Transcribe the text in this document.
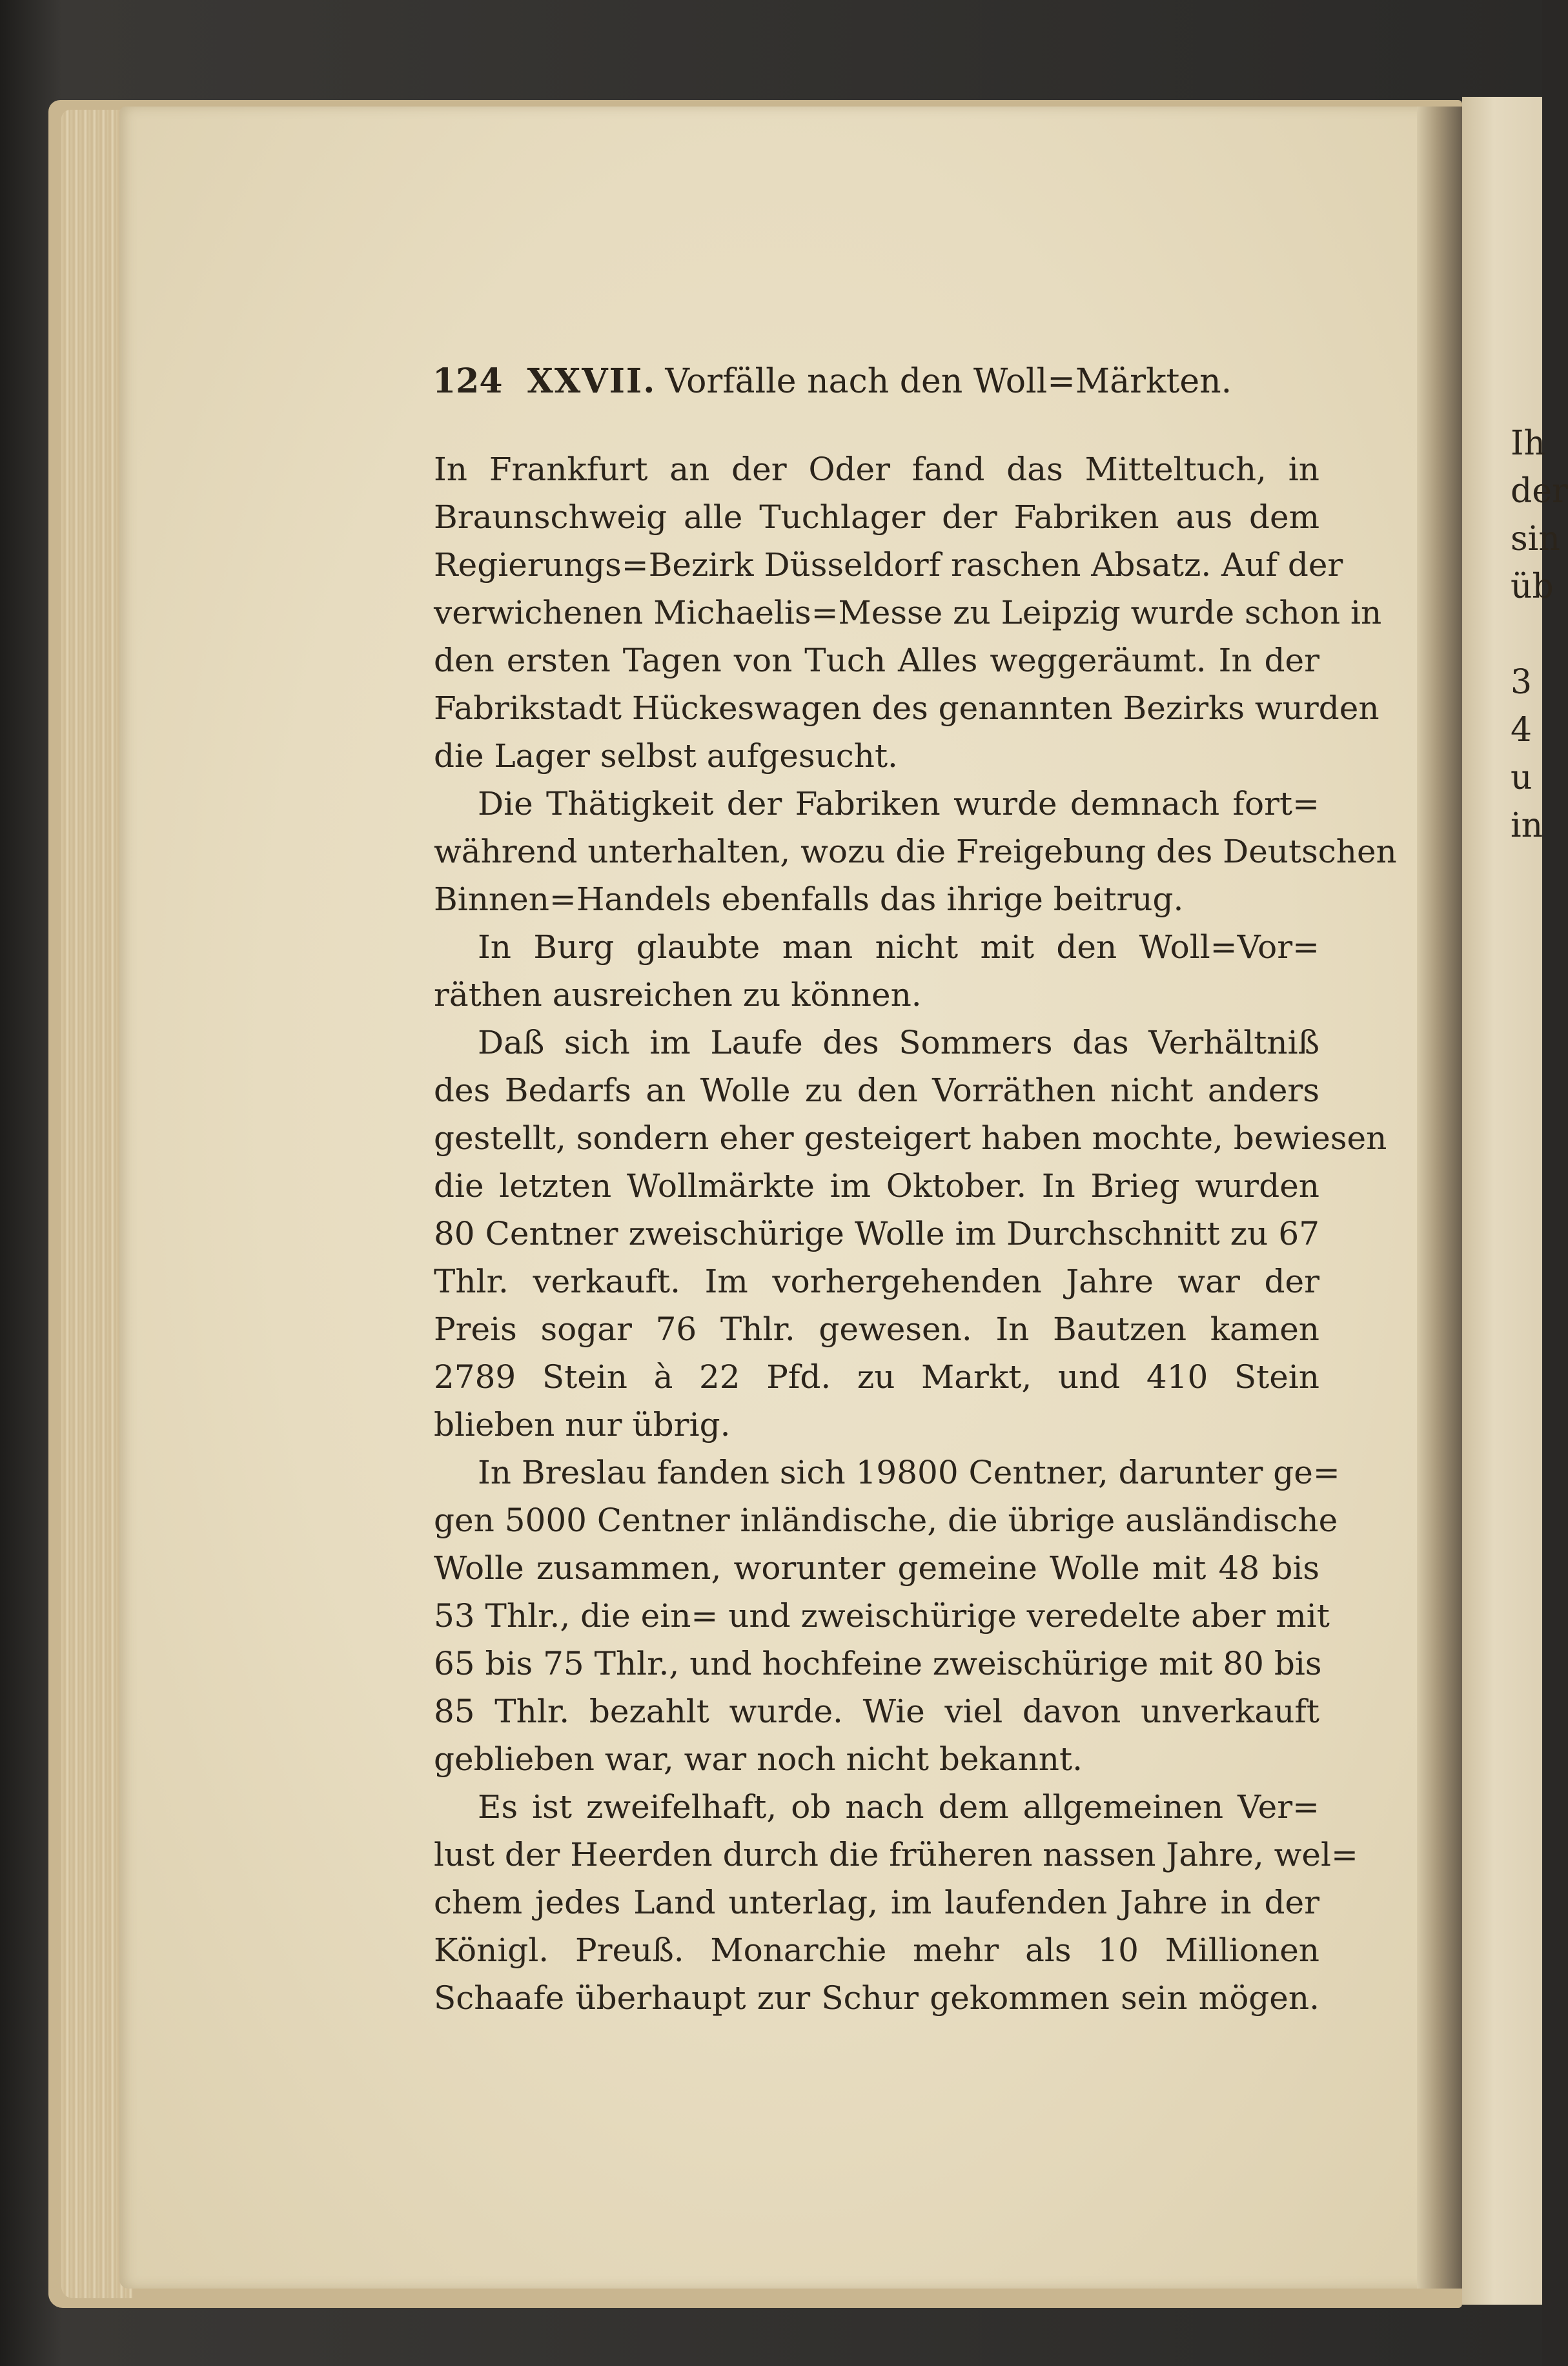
Ih
der
sin
üb
3
4
u
in
124 XXVII. Vorfälle nach den Woll=Märkten.
In Frankfurt an der Oder fand das Mitteltuch, in
Braunschweig alle Tuchlager der Fabriken aus dem
Regierungs=Bezirk Düsseldorf raschen Absatz. Auf der
verwichenen Michaelis=Messe zu Leipzig wurde schon in
den ersten Tagen von Tuch Alles weggeräumt. In der
Fabrikstadt Hückeswagen des genannten Bezirks wurden
die Lager selbst aufgesucht.
Die Thätigkeit der Fabriken wurde demnach fort=
während unterhalten, wozu die Freigebung des Deutschen
Binnen=Handels ebenfalls das ihrige beitrug.
In Burg glaubte man nicht mit den Woll=Vor=
räthen ausreichen zu können.
Daß sich im Laufe des Sommers das Verhältniß
des Bedarfs an Wolle zu den Vorräthen nicht anders
gestellt, sondern eher gesteigert haben mochte, bewiesen
die letzten Wollmärkte im Oktober. In Brieg wurden
80 Centner zweischürige Wolle im Durchschnitt zu 67
Thlr. verkauft. Im vorhergehenden Jahre war der
Preis sogar 76 Thlr. gewesen. In Bautzen kamen
2789 Stein à 22 Pfd. zu Markt, und 410 Stein
blieben nur übrig.
In Breslau fanden sich 19800 Centner, darunter ge=
gen 5000 Centner inländische, die übrige ausländische
Wolle zusammen, worunter gemeine Wolle mit 48 bis
53 Thlr., die ein= und zweischürige veredelte aber mit
65 bis 75 Thlr., und hochfeine zweischürige mit 80 bis
85 Thlr. bezahlt wurde. Wie viel davon unverkauft
geblieben war, war noch nicht bekannt.
Es ist zweifelhaft, ob nach dem allgemeinen Ver=
lust der Heerden durch die früheren nassen Jahre, wel=
chem jedes Land unterlag, im laufenden Jahre in der
Königl. Preuß. Monarchie mehr als 10 Millionen
Schaafe überhaupt zur Schur gekommen sein mögen.
